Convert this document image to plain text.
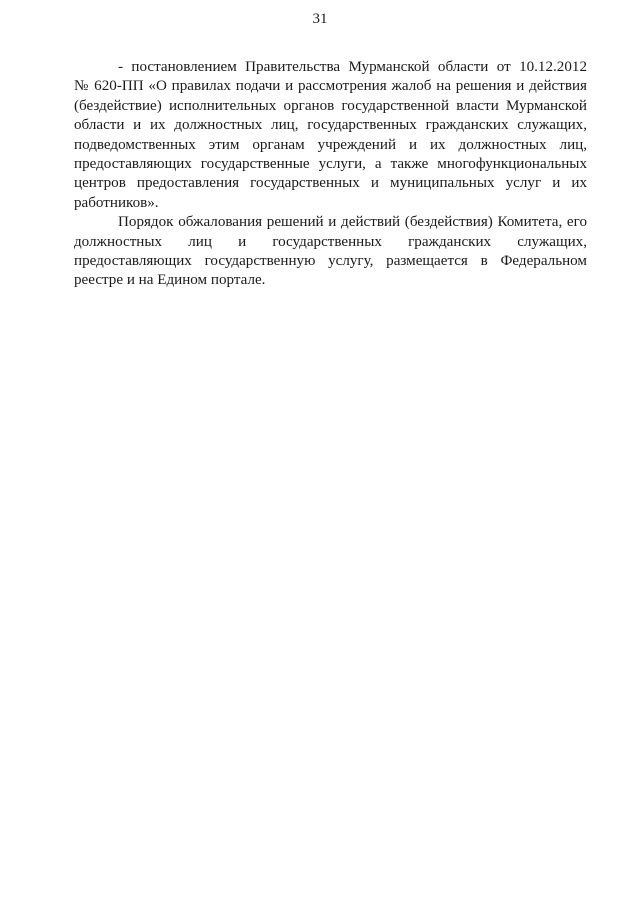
31
- постановлением Правительства Мурманской области от 10.12.2012
№ 620-ПП «О правилах подачи и рассмотрения жалоб на решения и действия
(бездействие) исполнительных органов государственной власти Мурманской
области и их должностных лиц, государственных гражданских служащих,
подведомственных этим органам учреждений и их должностных лиц,
предоставляющих государственные услуги, а также многофункциональных
центров предоставления государственных и муниципальных услуг и их
работников».
Порядок обжалования решений и действий (бездействия) Комитета, его
должностных лиц и государственных гражданских служащих,
предоставляющих государственную услугу, размещается в Федеральном
реестре и на Едином портале.
